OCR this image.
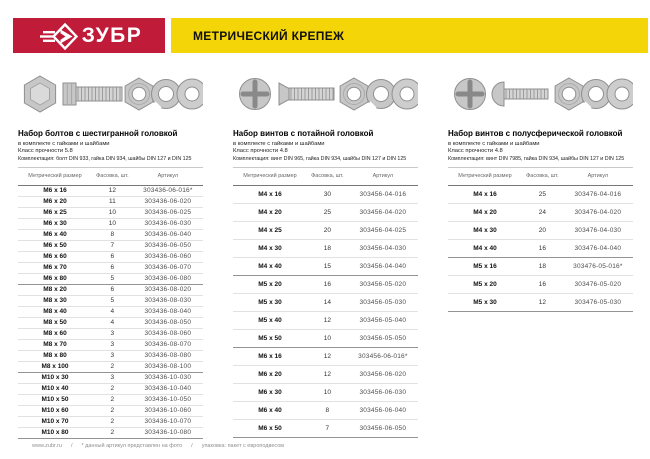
ЗУБР	МЕТРИЧЕСКИЙ КРЕПЕЖ
Набор болтов с шестигранной головкой
в комплекте с гайками и шайбами
Класс прочности 5.8
Комплектация: болт DIN 933, гайка DIN 934, шайбы DIN 127 и DIN 125
Метрический размер	Фасовка, шт.	Артикул
М6 х 16	12	303436-06-016*
М6 х 20	11	303436-06-020
М6 х 25	10	303436-06-025
М6 х 30	10	303436-06-030
М6 х 40	8	303436-06-040
М6 х 50	7	303436-06-050
М6 х 60	6	303436-06-060
М6 х 70	6	303436-06-070
М6 х 80	5	303436-06-080
М8 х 20	6	303436-08-020
М8 х 30	5	303436-08-030
М8 х 40	4	303436-08-040
М8 х 50	4	303436-08-050
М8 х 60	3	303436-08-060
М8 х 70	3	303436-08-070
М8 х 80	3	303436-08-080
М8 х 100	2	303436-08-100
М10 х 30	3	303436-10-030
М10 х 40	2	303436-10-040
М10 х 50	2	303436-10-050
М10 х 60	2	303436-10-060
М10 х 70	2	303436-10-070
М10 х 80	2	303436-10-080
Набор винтов с потайной головкой
в комплекте с гайками и шайбами
Класс прочности 4.8
Комплектация: винт DIN 965, гайка DIN 934, шайбы DIN 127 и DIN 125
Метрический размер	Фасовка, шт.	Артикул
М4 х 16	30	303456-04-016
М4 х 20	25	303456-04-020
М4 х 25	20	303456-04-025
М4 х 30	18	303456-04-030
М4 х 40	15	303456-04-040
М5 х 20	16	303456-05-020
М5 х 30	14	303456-05-030
М5 х 40	12	303456-05-040
М5 х 50	10	303456-05-050
М6 х 16	12	303456-06-016*
М6 х 20	12	303456-06-020
М6 х 30	10	303456-06-030
М6 х 40	8	303456-06-040
М6 х 50	7	303456-06-050
Набор винтов с полусферической головкой
в комплекте с гайками и шайбами
Класс прочности 4.8
Комплектация: винт DIN 7985, гайка DIN 934, шайбы DIN 127 и DIN 125
Метрический размер	Фасовка, шт.	Артикул
М4 х 16	25	303476-04-016
М4 х 20	24	303476-04-020
М4 х 30	20	303476-04-030
М4 х 40	16	303476-04-040
М5 х 16	18	303476-05-016*
М5 х 20	16	303476-05-020
М5 х 30	12	303476-05-030
www.zubr.ru / * данный артикул представлен на фото / упаковка: пакет с европодвесом
